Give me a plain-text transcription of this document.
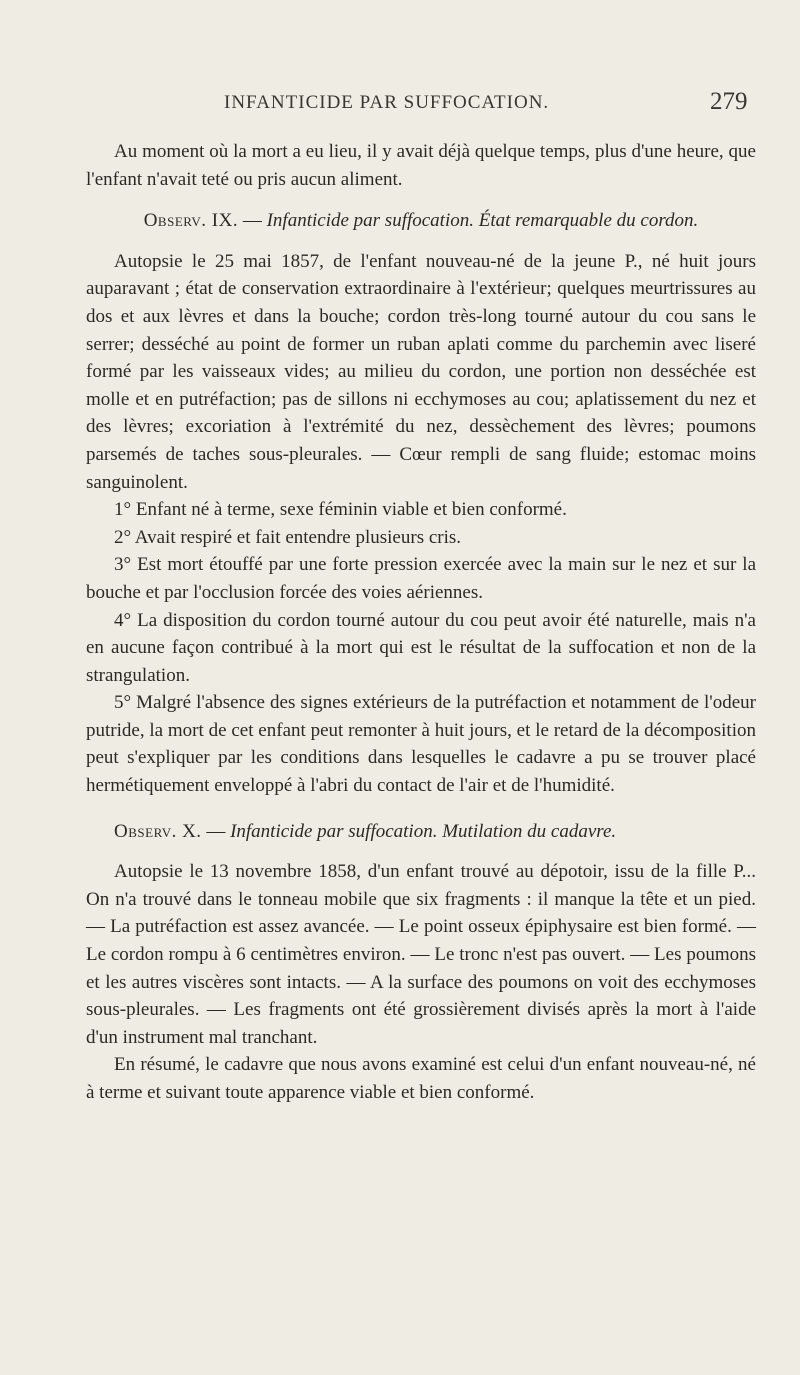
INFANTICIDE PAR SUFFOCATION.	279

Au moment où la mort a eu lieu, il y avait déjà quelque temps, plus d'une heure, que l'enfant n'avait teté ou pris aucun aliment.

Observ. IX. — Infanticide par suffocation. État remarquable du cordon.

Autopsie le 25 mai 1857, de l'enfant nouveau-né de la jeune P., né huit jours auparavant ; état de conservation extraordinaire à l'extérieur; quelques meurtrissures au dos et aux lèvres et dans la bouche; cordon très-long tourné autour du cou sans le serrer; desséché au point de former un ruban aplati comme du parchemin avec liseré formé par les vaisseaux vides; au milieu du cordon, une portion non desséchée est molle et en putréfaction; pas de sillons ni ecchymoses au cou; aplatissement du nez et des lèvres; excoriation à l'extrémité du nez, dessèchement des lèvres; poumons parsemés de taches sous-pleurales. — Cœur rempli de sang fluide; estomac moins sanguinolent.

1° Enfant né à terme, sexe féminin viable et bien conformé.

2° Avait respiré et fait entendre plusieurs cris.

3° Est mort étouffé par une forte pression exercée avec la main sur le nez et sur la bouche et par l'occlusion forcée des voies aériennes.

4° La disposition du cordon tourné autour du cou peut avoir été naturelle, mais n'a en aucune façon contribué à la mort qui est le résultat de la suffocation et non de la strangulation.

5° Malgré l'absence des signes extérieurs de la putréfaction et notamment de l'odeur putride, la mort de cet enfant peut remonter à huit jours, et le retard de la décomposition peut s'expliquer par les conditions dans lesquelles le cadavre a pu se trouver placé hermétiquement enveloppé à l'abri du contact de l'air et de l'humidité.

Observ. X. — Infanticide par suffocation. Mutilation du cadavre.

Autopsie le 13 novembre 1858, d'un enfant trouvé au dépotoir, issu de la fille P... On n'a trouvé dans le tonneau mobile que six fragments : il manque la tête et un pied. — La putréfaction est assez avancée. — Le point osseux épiphysaire est bien formé. — Le cordon rompu à 6 centimètres environ. — Le tronc n'est pas ouvert. — Les poumons et les autres viscères sont intacts. — A la surface des poumons on voit des ecchymoses sous-pleurales. — Les fragments ont été grossièrement divisés après la mort à l'aide d'un instrument mal tranchant.

En résumé, le cadavre que nous avons examiné est celui d'un enfant nouveau-né, né à terme et suivant toute apparence viable et bien conformé.
